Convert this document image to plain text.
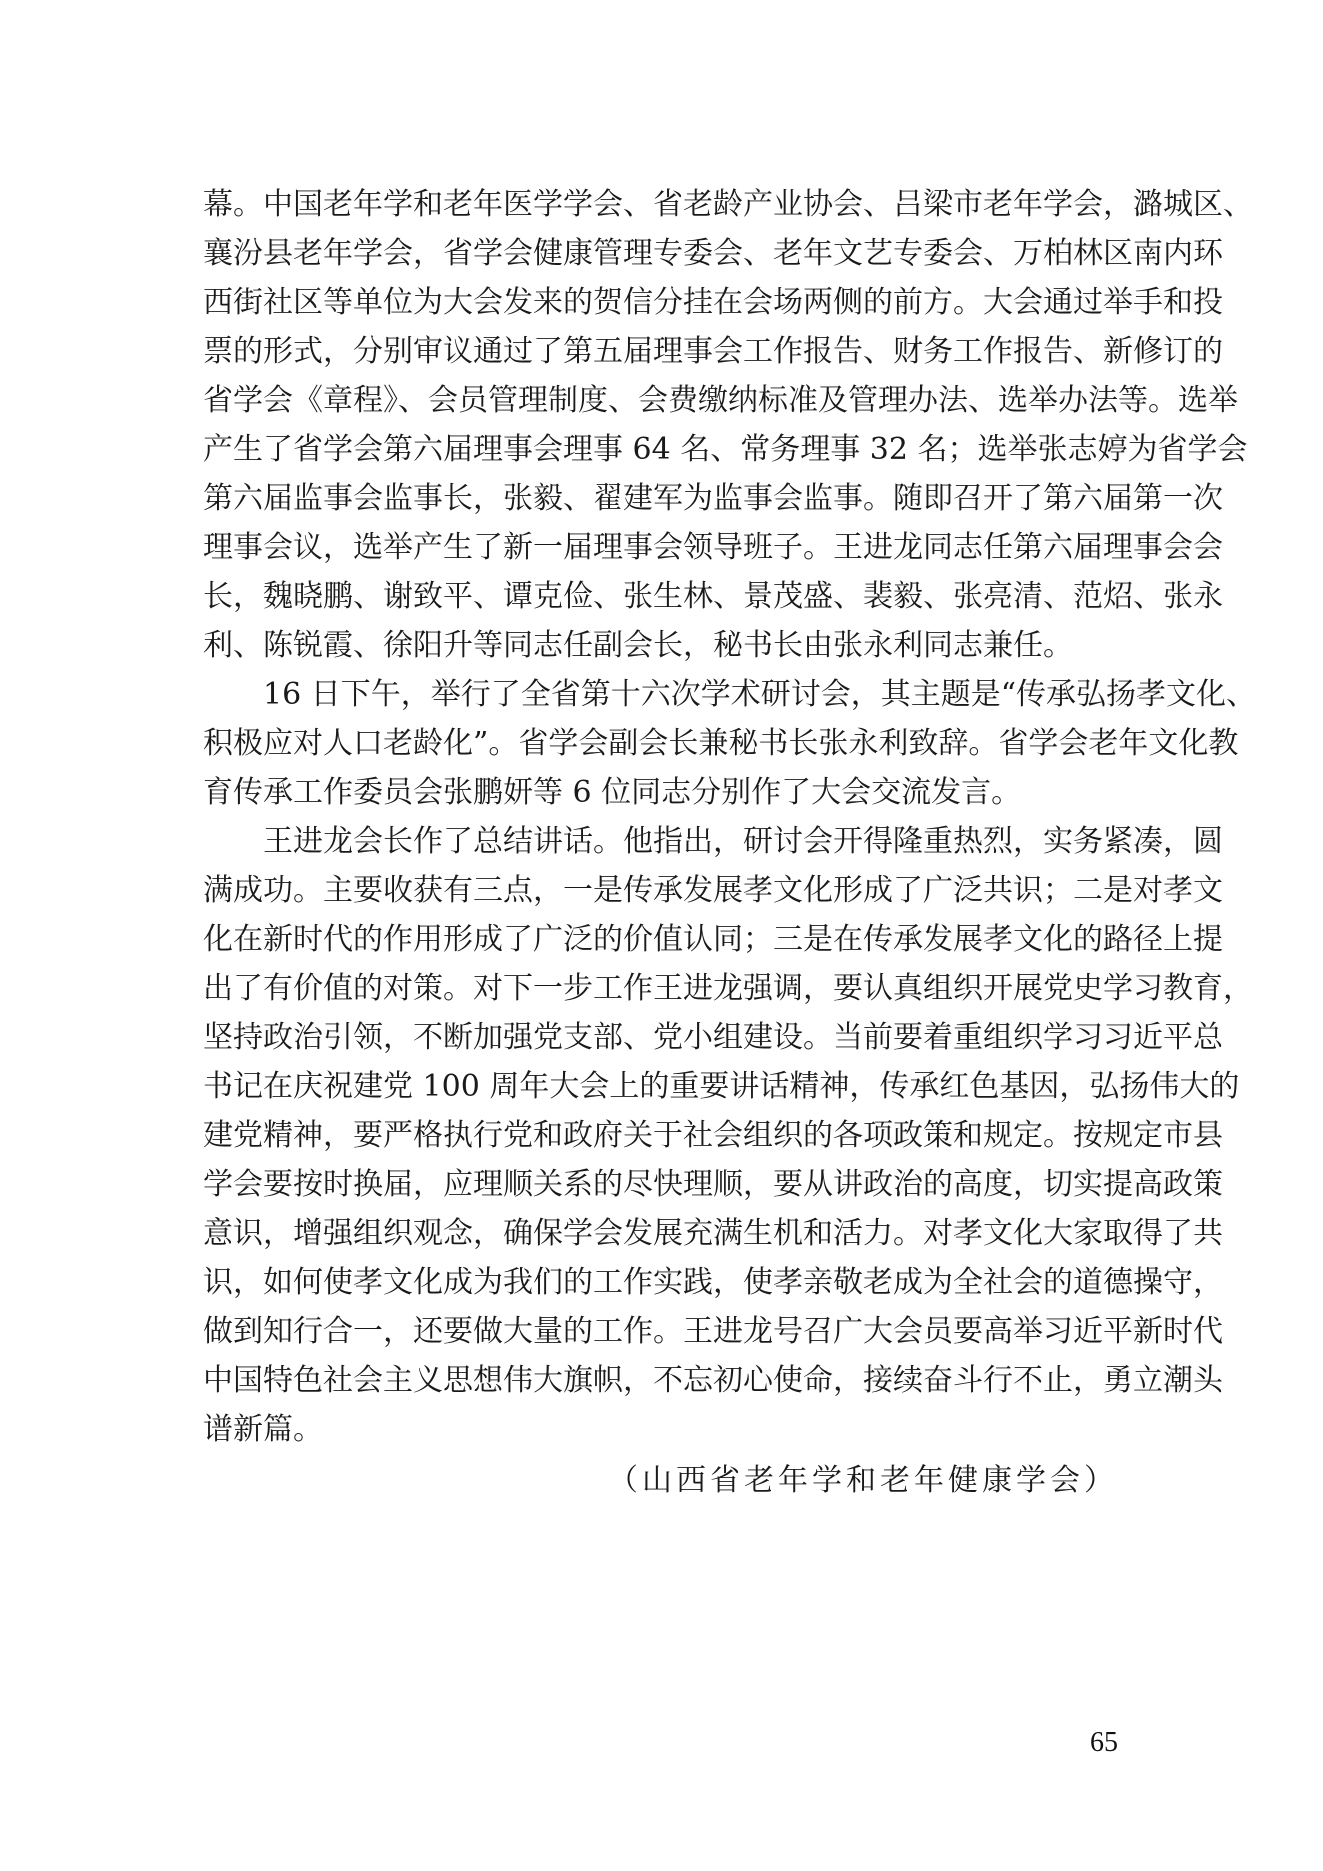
幕。中国老年学和老年医学学会、省老龄产业协会、吕梁市老年学会，潞城区、
襄汾县老年学会，省学会健康管理专委会、老年文艺专委会、万柏林区南内环
西街社区等单位为大会发来的贺信分挂在会场两侧的前方。大会通过举手和投
票的形式，分别审议通过了第五届理事会工作报告、财务工作报告、新修订的
省学会《章程》、会员管理制度、会费缴纳标准及管理办法、选举办法等。选举
产生了省学会第六届理事会理事 64 名、常务理事 32 名；选举张志婷为省学会
第六届监事会监事长，张毅、翟建军为监事会监事。随即召开了第六届第一次
理事会议，选举产生了新一届理事会领导班子。王进龙同志任第六届理事会会
长，魏晓鹏、谢致平、谭克俭、张生林、景茂盛、裴毅、张亮清、范炤、张永
利、陈锐霞、徐阳升等同志任副会长，秘书长由张永利同志兼任。
16 日下午，举行了全省第十六次学术研讨会，其主题是“传承弘扬孝文化、
积极应对人口老龄化”。省学会副会长兼秘书长张永利致辞。省学会老年文化教
育传承工作委员会张鹏妍等 6 位同志分别作了大会交流发言。
王进龙会长作了总结讲话。他指出，研讨会开得隆重热烈，实务紧凑，圆
满成功。主要收获有三点，一是传承发展孝文化形成了广泛共识；二是对孝文
化在新时代的作用形成了广泛的价值认同；三是在传承发展孝文化的路径上提
出了有价值的对策。对下一步工作王进龙强调，要认真组织开展党史学习教育，
坚持政治引领，不断加强党支部、党小组建设。当前要着重组织学习习近平总
书记在庆祝建党 100 周年大会上的重要讲话精神，传承红色基因，弘扬伟大的
建党精神，要严格执行党和政府关于社会组织的各项政策和规定。按规定市县
学会要按时换届，应理顺关系的尽快理顺，要从讲政治的高度，切实提高政策
意识，增强组织观念，确保学会发展充满生机和活力。对孝文化大家取得了共
识，如何使孝文化成为我们的工作实践，使孝亲敬老成为全社会的道德操守，
做到知行合一，还要做大量的工作。王进龙号召广大会员要高举习近平新时代
中国特色社会主义思想伟大旗帜，不忘初心使命，接续奋斗行不止，勇立潮头
谱新篇。
（山西省老年学和老年健康学会）
65
